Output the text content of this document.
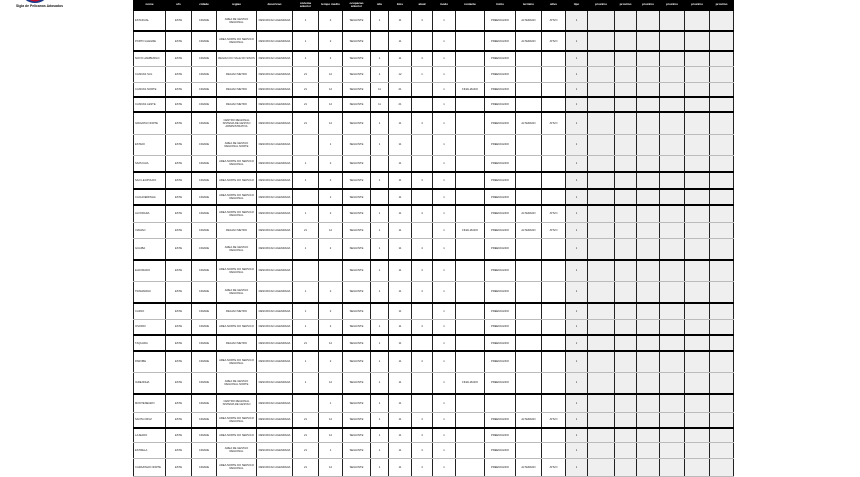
Sigla de Pelicanos Adosados	nome	ufs	cidade	regiao	descricao	sistema anterior	tempo medio	ocupacao anterior	situ	kms	atual	modo	restante	inicio	termino	ativo	tipo	proximo	proximo	proximo	proximo	proximo	proximo
ESTADUAL	ESTE	CIDADE	AREA DE GESTAO REGIONAL	DESCRICAO AGENDADA	1	2	SEGUINTE	1	11	4	1		PREENCHIDO	ALTERADO	ATIVO	1						
PORTO ALEGRE	ESTE	CIDADE	AREA NORTE DO SERVICO REGIONAL	DESCRICAO AGENDADA	1	2	SEGUINTE		11		1		PREENCHIDO	ALTERADO	ATIVO	1						
NOVO HAMBURGO	ESTE	CIDADE	REGIAO DO VALE DO SINOS	DESCRICAO AGENDADA	1	2	SEGUINTE	1	11	4	1		PREENCHIDO			1						
CANOAS SUL	ESTE	CIDADE	REGIAO METRO	DESCRICAO AGENDADA	21	12	SEGUINTE	1	12	1	1		PREENCHIDO			1						
CANOAS NORTE	ESTE	CIDADE	REGIAO METRO	DESCRICAO AGENDADA	21	12	SEGUINTE	11	21		1	FINALIZADO	PREENCHIDO			1						
CANOAS LESTE	ESTE	CIDADE	REGIAO METRO	DESCRICAO AGENDADA	21	12	SEGUINTE	11	21		1		PREENCHIDO			1						
GRAVATAI NORTE	ESTE	CIDADE	CENTRO REGIONAL SISTEMA DE GESTAO ADMINISTRATIVA	DESCRICAO AGENDADA	21	12	SEGUINTE	1	11	4	1		PREENCHIDO	ALTERADO	ATIVO	1						
ESTEIO	ESTE	CIDADE	AREA DE GESTAO REGIONAL NORTE	DESCRICAO AGENDADA		1	SEGUINTE	1	11		1		PREENCHIDO			1						
SAPUCAIA	ESTE	CIDADE	AREA NORTE DO SERVICO REGIONAL	DESCRICAO AGENDADA	1	2	SEGUINTE		11		1		PREENCHIDO			1						
SAO LEOPOLDO	ESTE	CIDADE	AREA NORTE DO SERVICO	DESCRICAO AGENDADA	1	2	SEGUINTE	1	11	4	1		PREENCHIDO			1						
CACHOEIRINHA	ESTE	CIDADE	AREA NORTE DO SERVICO REGIONAL	DESCRICAO AGENDADA		1	SEGUINTE		11		1		PREENCHIDO			1						
ALVORADA	ESTE	CIDADE	AREA NORTE DO SERVICO REGIONAL	DESCRICAO AGENDADA	1	2	SEGUINTE	1	11	4	1		PREENCHIDO	ALTERADO	ATIVO	1						
VIAMAO	ESTE	CIDADE	REGIAO METRO	DESCRICAO AGENDADA	21	12	SEGUINTE	1	11		1	FINALIZADO	PREENCHIDO	ALTERADO	ATIVO	1						
GUAIBA	ESTE	CIDADE	AREA DE GESTAO REGIONAL	DESCRICAO AGENDADA	1	2	SEGUINTE	1	11	4	1		PREENCHIDO			1						
ELDORADO	ESTE	CIDADE	AREA NORTE DO SERVICO REGIONAL	DESCRICAO AGENDADA			SEGUINTE	1	11	4	1		PREENCHIDO			1						
TRAMANDAI	ESTE	CIDADE	AREA DE GESTAO REGIONAL	DESCRICAO AGENDADA	1	2	SEGUINTE	1	11	4	1		PREENCHIDO			1						
CAPAO	ESTE	CIDADE	REGIAO METRO	DESCRICAO AGENDADA	1	2	SEGUINTE		11		1		PREENCHIDO			1						
OSORIO	ESTE	CIDADE	AREA NORTE DO SERVICO	DESCRICAO AGENDADA	1	2	SEGUINTE	1	11	4	1		PREENCHIDO			1						
TAQUARA	ESTE	CIDADE	REGIAO METRO	DESCRICAO AGENDADA	21	12	SEGUINTE	1	11		1		PREENCHIDO			1						
PAROBE	ESTE	CIDADE	AREA NORTE DO SERVICO REGIONAL	DESCRICAO AGENDADA	1	2	SEGUINTE	1	11	4	1		PREENCHIDO			1						
IGREJINHA	ESTE	CIDADE	AREA DE GESTAO REGIONAL NORTE	DESCRICAO AGENDADA	1	12	SEGUINTE	1	11		1	FINALIZADO	PREENCHIDO			1						
MONTENEGRO	ESTE	CIDADE	CENTRO REGIONAL SISTEMA DE GESTAO	DESCRICAO AGENDADA		1	SEGUINTE	1	11		1					1						
SANTA CRUZ	ESTE	CIDADE	AREA NORTE DO SERVICO REGIONAL	DESCRICAO AGENDADA	21	12	SEGUINTE	1	11	4	1		PREENCHIDO	ALTERADO	ATIVO	1						
LAJEADO	ESTE	CIDADE	AREA NORTE DO SERVICO	DESCRICAO AGENDADA	21	12	SEGUINTE	1	11	4	1		PREENCHIDO			1						
ESTRELA	ESTE	CIDADE	AREA DE GESTAO REGIONAL	DESCRICAO AGENDADA	21	1	SEGUINTE	1	11	4	1		PREENCHIDO			1						
CARAZINHO NORTE	ESTE	CIDADE	AREA NORTE DO SERVICO REGIONAL	DESCRICAO AGENDADA	21	12	SEGUINTE	1	11	4	1		PREENCHIDO	ALTERADO	ATIVO	1						
